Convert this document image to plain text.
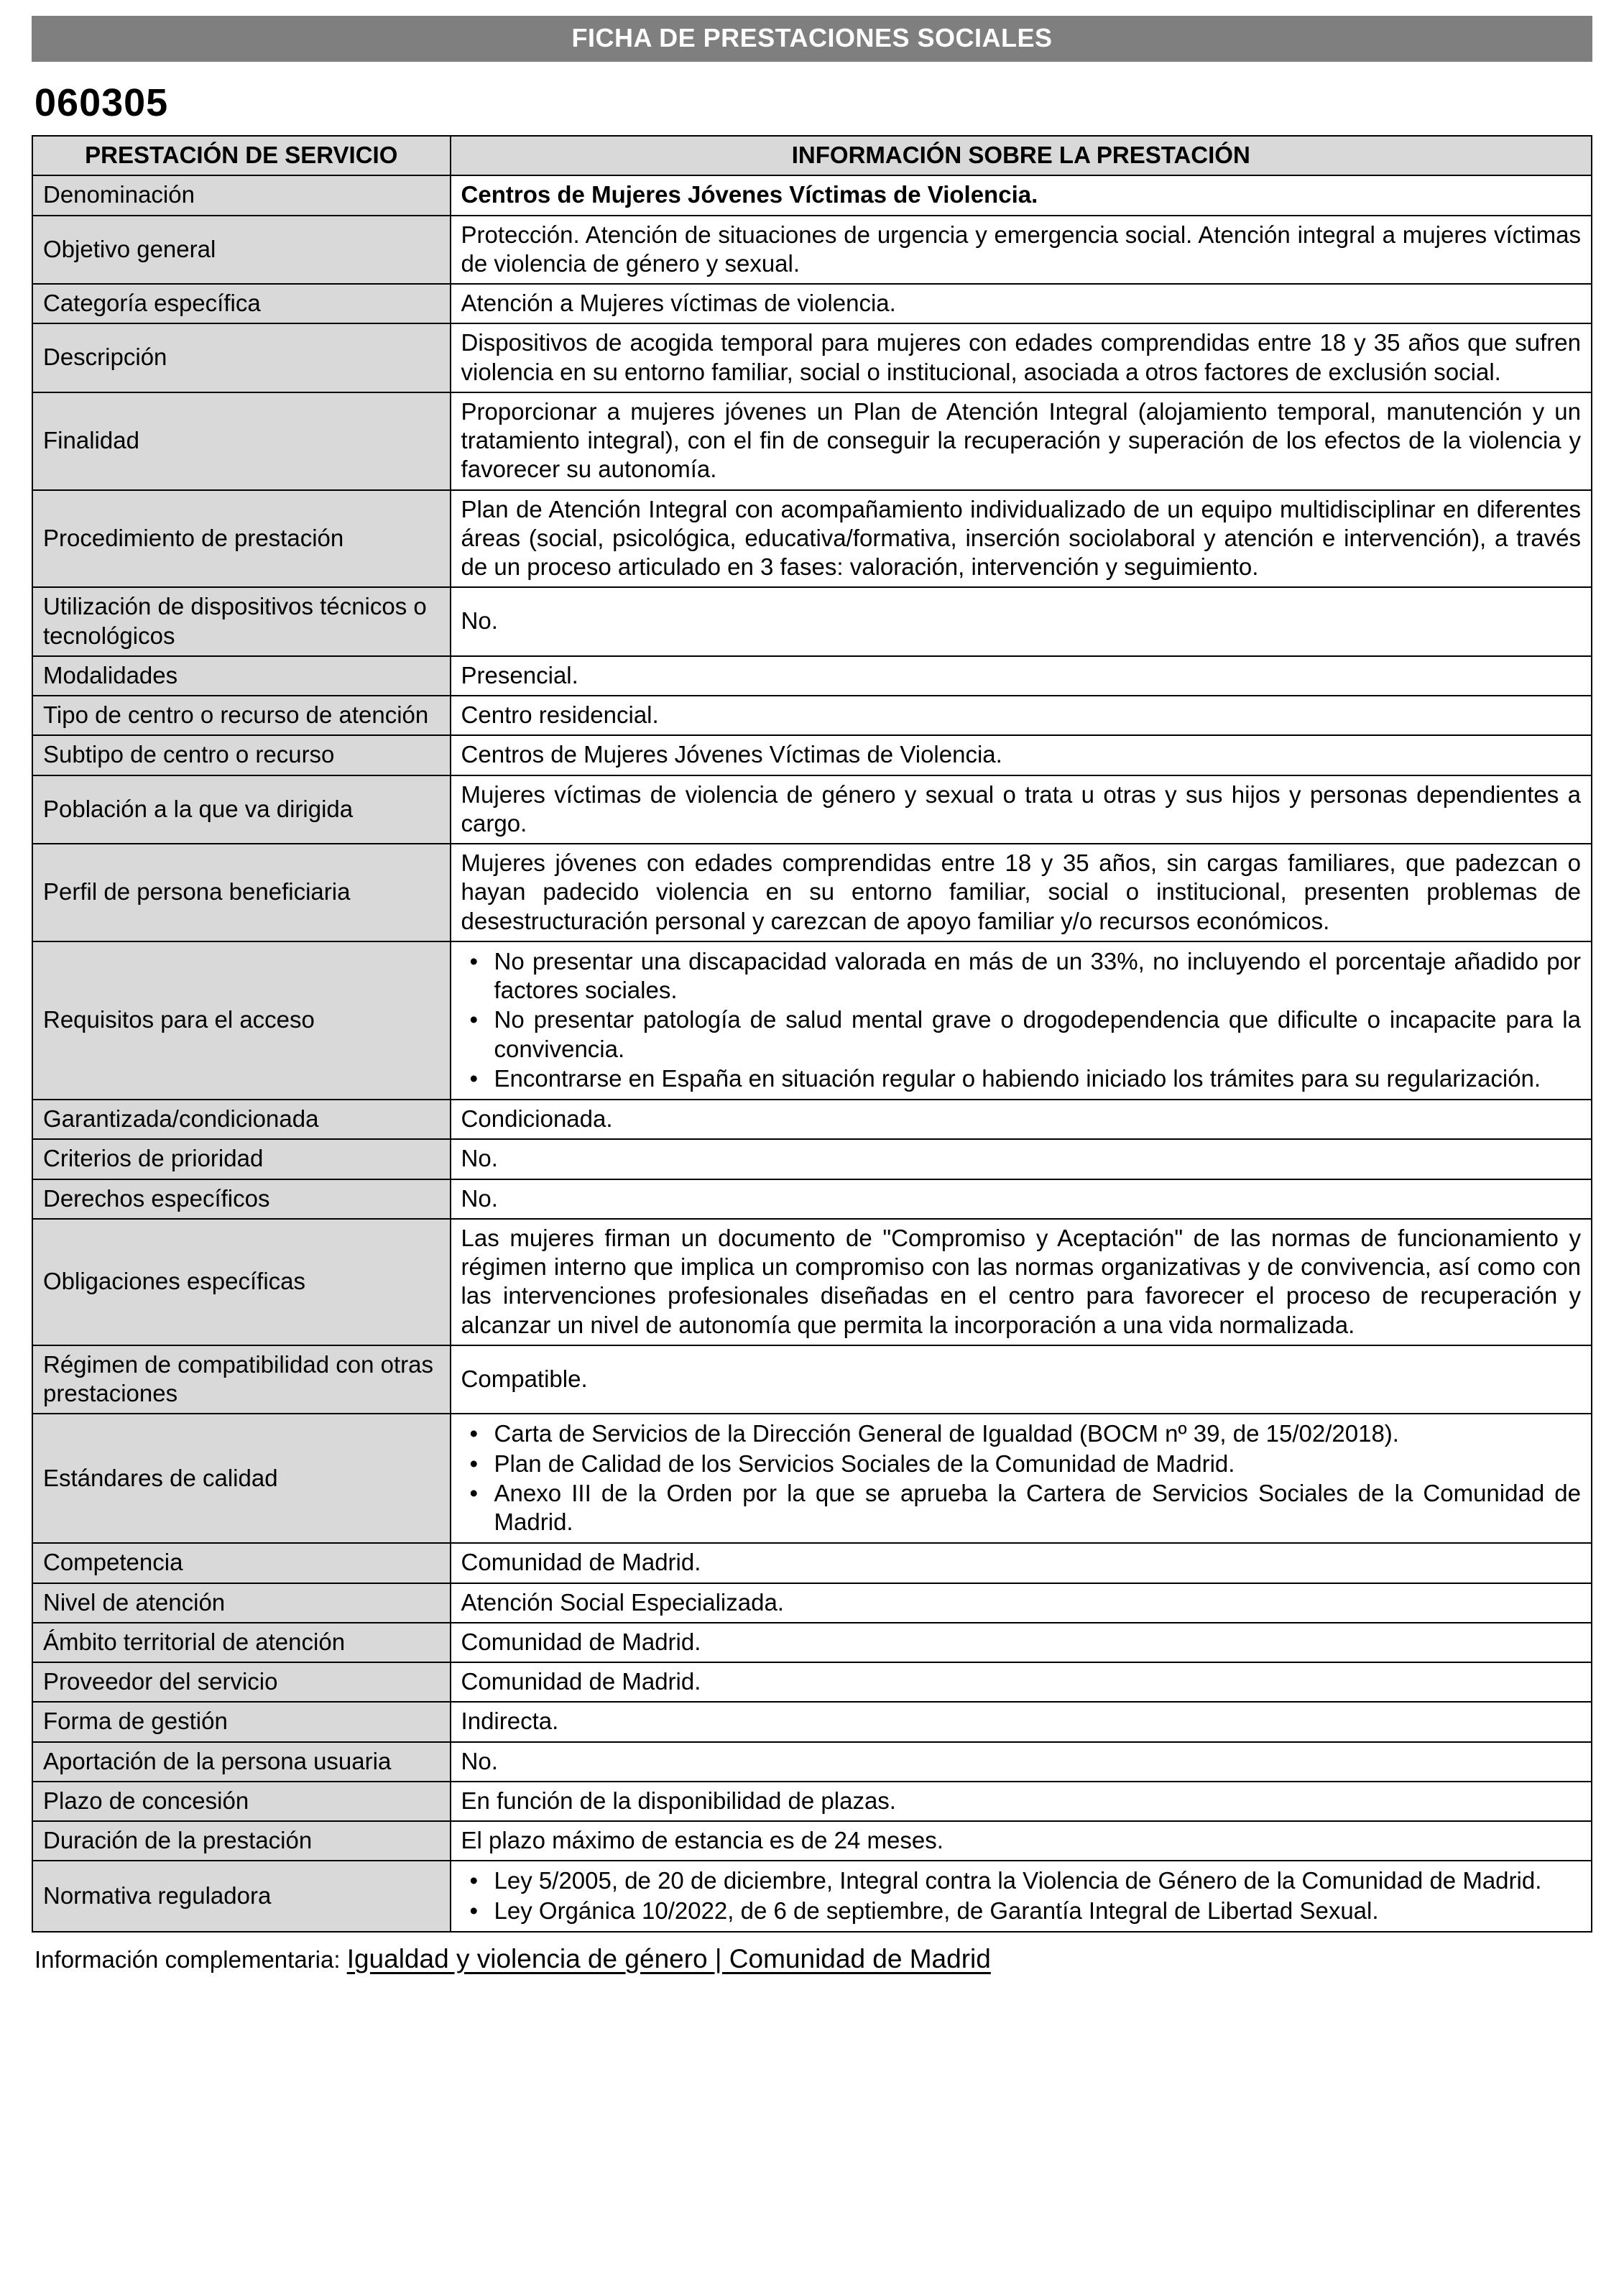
FICHA DE PRESTACIONES SOCIALES
060305
PRESTACIÓN DE SERVICIO	INFORMACIÓN SOBRE LA PRESTACIÓN
Denominación	Centros de Mujeres Jóvenes Víctimas de Violencia.

Objetivo general	Protección. Atención de situaciones de urgencia y emergencia social. Atención integral a mujeres víctimas de violencia de género y sexual.

Categoría específica	Atención a Mujeres víctimas de violencia.

Descripción	Dispositivos de acogida temporal para mujeres con edades comprendidas entre 18 y 35 años que sufren violencia en su entorno familiar, social o institucional, asociada a otros factores de exclusión social.

Finalidad	Proporcionar a mujeres jóvenes un Plan de Atención Integral (alojamiento temporal, manutención y un tratamiento integral), con el fin de conseguir la recuperación y superación de los efectos de la violencia y favorecer su autonomía.

Procedimiento de prestación	Plan de Atención Integral con acompañamiento individualizado de un equipo multidisciplinar en diferentes áreas (social, psicológica, educativa/formativa, inserción sociolaboral y atención e intervención), a través de un proceso articulado en 3 fases: valoración, intervención y seguimiento.

Utilización de dispositivos técnicos o tecnológicos	No.

Modalidades	Presencial.

Tipo de centro o recurso de atención	Centro residencial.

Subtipo de centro o recurso	Centros de Mujeres Jóvenes Víctimas de Violencia.

Población a la que va dirigida	Mujeres víctimas de violencia de género y sexual o trata u otras y sus hijos y personas dependientes a cargo.

Perfil de persona beneficiaria	Mujeres jóvenes con edades comprendidas entre 18 y 35 años, sin cargas familiares, que padezcan o hayan padecido violencia en su entorno familiar, social o institucional, presenten problemas de desestructuración personal y carezcan de apoyo familiar y/o recursos económicos.

Requisitos para el acceso	• No presentar una discapacidad valorada en más de un 33%, no incluyendo el porcentaje añadido por factores sociales.
• No presentar patología de salud mental grave o drogodependencia que dificulte o incapacite para la convivencia.
• Encontrarse en España en situación regular o habiendo iniciado los trámites para su regularización.

Garantizada/condicionada	Condicionada.

Criterios de prioridad	No.

Derechos específicos	No.

Obligaciones específicas	Las mujeres firman un documento de "Compromiso y Aceptación" de las normas de funcionamiento y régimen interno que implica un compromiso con las normas organizativas y de convivencia, así como con las intervenciones profesionales diseñadas en el centro para favorecer el proceso de recuperación y alcanzar un nivel de autonomía que permita la incorporación a una vida normalizada.

Régimen de compatibilidad con otras prestaciones	Compatible.

Estándares de calidad	• Carta de Servicios de la Dirección General de Igualdad (BOCM nº 39, de 15/02/2018).
• Plan de Calidad de los Servicios Sociales de la Comunidad de Madrid.
• Anexo III de la Orden por la que se aprueba la Cartera de Servicios Sociales de la Comunidad de Madrid.

Competencia	Comunidad de Madrid.

Nivel de atención	Atención Social Especializada.

Ámbito territorial de atención	Comunidad de Madrid.

Proveedor del servicio	Comunidad de Madrid.

Forma de gestión	Indirecta.

Aportación de la persona usuaria	No.

Plazo de concesión	En función de la disponibilidad de plazas.

Duración de la prestación	El plazo máximo de estancia es de 24 meses.

Normativa reguladora	• Ley 5/2005, de 20 de diciembre, Integral contra la Violencia de Género de la Comunidad de Madrid.
• Ley Orgánica 10/2022, de 6 de septiembre, de Garantía Integral de Libertad Sexual.
Información complementaria: Igualdad y violencia de género | Comunidad de Madrid
